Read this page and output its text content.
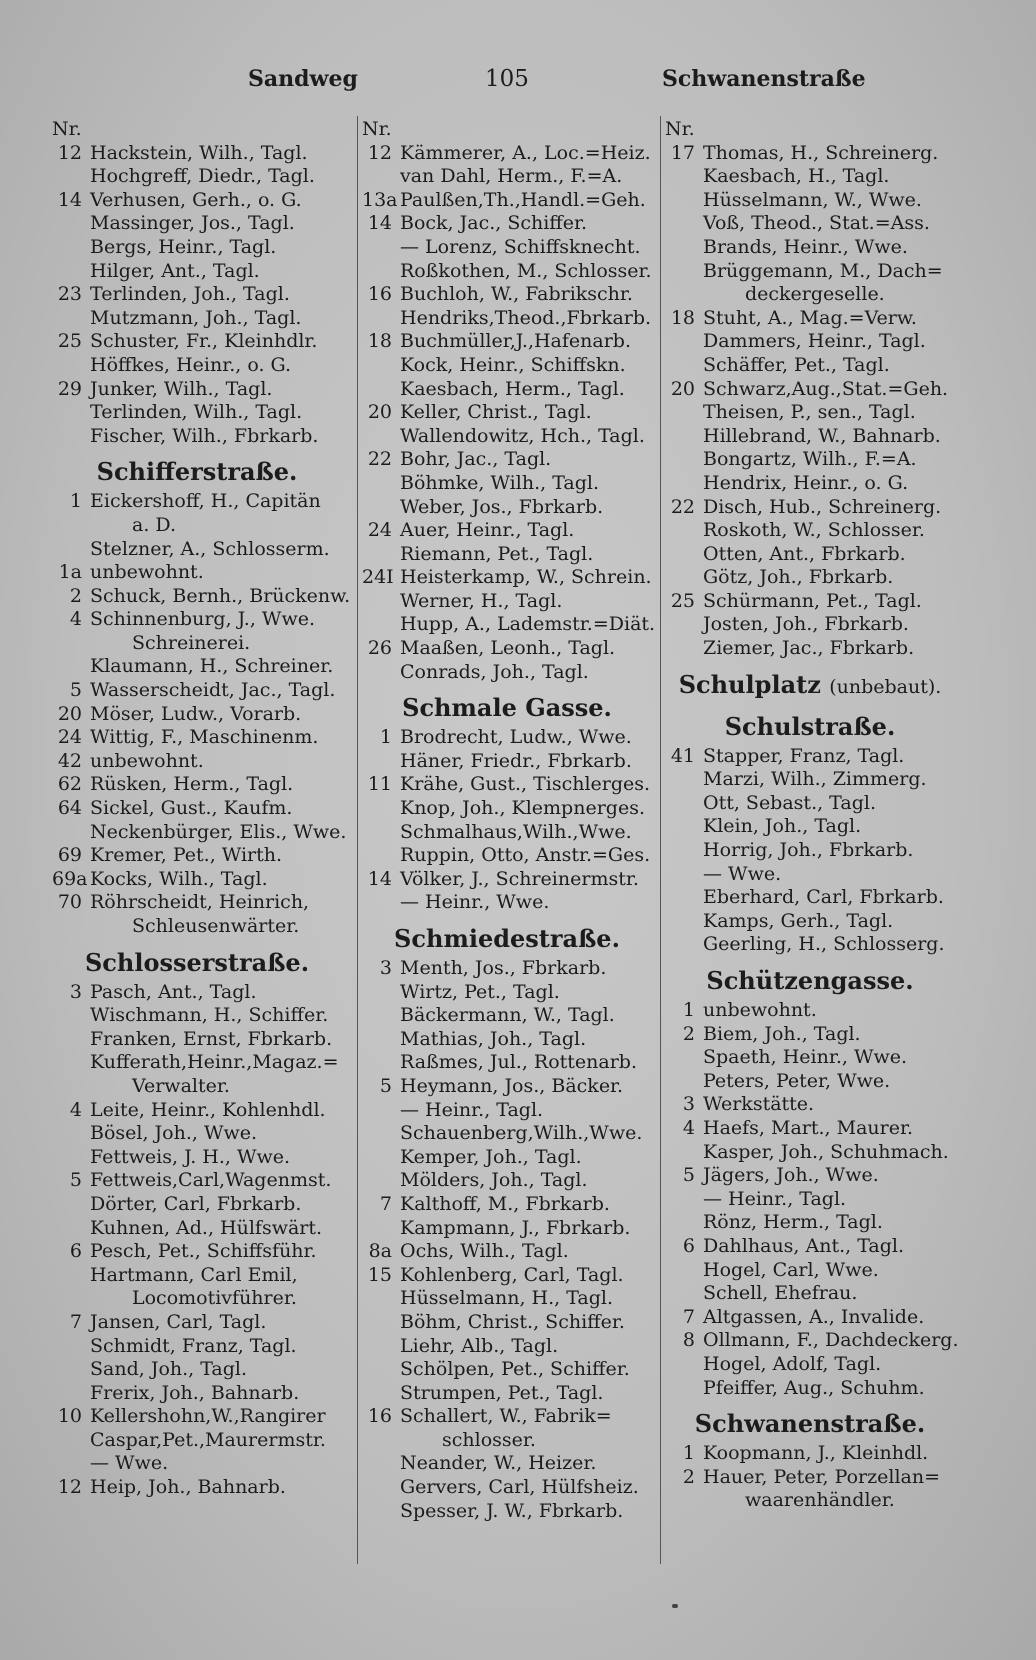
Sandweg	105	Schwanenstraße
Nr.
12 Hackstein, Wilh., Tagl.
Hochgreff, Diedr., Tagl.
14 Verhusen, Gerh., o. G.
Massinger, Jos., Tagl.
Bergs, Heinr., Tagl.
Hilger, Ant., Tagl.
23 Terlinden, Joh., Tagl.
Mutzmann, Joh., Tagl.
25 Schuster, Fr., Kleinhdlr.
Höffkes, Heinr., o. G.
29 Junker, Wilh., Tagl.
Terlinden, Wilh., Tagl.
Fischer, Wilh., Fbrkarb.
Schifferstraße.
1 Eickershoff, H., Capitän
a. D.
Stelzner, A., Schlosserm.
1a unbewohnt.
2 Schuck, Bernh., Brückenw.
4 Schinnenburg, J., Wwe.
Schreinerei.
Klaumann, H., Schreiner.
5 Wasserscheidt, Jac., Tagl.
20 Möser, Ludw., Vorarb.
24 Wittig, F., Maschinenm.
42 unbewohnt.
62 Rüsken, Herm., Tagl.
64 Sickel, Gust., Kaufm.
Neckenbürger, Elis., Wwe.
69 Kremer, Pet., Wirth.
69a Kocks, Wilh., Tagl.
70 Röhrscheidt, Heinrich,
Schleusenwärter.
Schlosserstraße.
3 Pasch, Ant., Tagl.
Wischmann, H., Schiffer.
Franken, Ernst, Fbrkarb.
Kufferath,Heinr.,Magaz.=
Verwalter.
4 Leite, Heinr., Kohlenhdl.
Bösel, Joh., Wwe.
Fettweis, J. H., Wwe.
5 Fettweis,Carl,Wagenmst.
Dörter, Carl, Fbrkarb.
Kuhnen, Ad., Hülfswärt.
6 Pesch, Pet., Schiffsführ.
Hartmann, Carl Emil,
Locomotivführer.
7 Jansen, Carl, Tagl.
Schmidt, Franz, Tagl.
Sand, Joh., Tagl.
Frerix, Joh., Bahnarb.
10 Kellershohn,W.,Rangirer
Caspar,Pet.,Maurermstr.
— Wwe.
12 Heip, Joh., Bahnarb.
Nr.
12 Kämmerer, A., Loc.=Heiz.
van Dahl, Herm., F.=A.
13a Paulßen,Th.,Handl.=Geh.
14 Bock, Jac., Schiffer.
— Lorenz, Schiffsknecht.
Roßkothen, M., Schlosser.
16 Buchloh, W., Fabrikschr.
Hendriks,Theod.,Fbrkarb.
18 Buchmüller,J.,Hafenarb.
Kock, Heinr., Schiffskn.
Kaesbach, Herm., Tagl.
20 Keller, Christ., Tagl.
Wallendowitz, Hch., Tagl.
22 Bohr, Jac., Tagl.
Böhmke, Wilh., Tagl.
Weber, Jos., Fbrkarb.
24 Auer, Heinr., Tagl.
Riemann, Pet., Tagl.
24I Heisterkamp, W., Schrein.
Werner, H., Tagl.
Hupp, A., Lademstr.=Diät.
26 Maaßen, Leonh., Tagl.
Conrads, Joh., Tagl.
Schmale Gasse.
1 Brodrecht, Ludw., Wwe.
Häner, Friedr., Fbrkarb.
11 Krähe, Gust., Tischlerges.
Knop, Joh., Klempnerges.
Schmalhaus,Wilh.,Wwe.
Ruppin, Otto, Anstr.=Ges.
14 Völker, J., Schreinermstr.
— Heinr., Wwe.
Schmiedestraße.
3 Menth, Jos., Fbrkarb.
Wirtz, Pet., Tagl.
Bäckermann, W., Tagl.
Mathias, Joh., Tagl.
Raßmes, Jul., Rottenarb.
5 Heymann, Jos., Bäcker.
— Heinr., Tagl.
Schauenberg,Wilh.,Wwe.
Kemper, Joh., Tagl.
Mölders, Joh., Tagl.
7 Kalthoff, M., Fbrkarb.
Kampmann, J., Fbrkarb.
8a Ochs, Wilh., Tagl.
15 Kohlenberg, Carl, Tagl.
Hüsselmann, H., Tagl.
Böhm, Christ., Schiffer.
Liehr, Alb., Tagl.
Schölpen, Pet., Schiffer.
Strumpen, Pet., Tagl.
16 Schallert, W., Fabrik=
schlosser.
Neander, W., Heizer.
Gervers, Carl, Hülfsheiz.
Spesser, J. W., Fbrkarb.
Nr.
17 Thomas, H., Schreinerg.
Kaesbach, H., Tagl.
Hüsselmann, W., Wwe.
Voß, Theod., Stat.=Ass.
Brands, Heinr., Wwe.
Brüggemann, M., Dach=
deckergeselle.
18 Stuht, A., Mag.=Verw.
Dammers, Heinr., Tagl.
Schäffer, Pet., Tagl.
20 Schwarz,Aug.,Stat.=Geh.
Theisen, P., sen., Tagl.
Hillebrand, W., Bahnarb.
Bongartz, Wilh., F.=A.
Hendrix, Heinr., o. G.
22 Disch, Hub., Schreinerg.
Roskoth, W., Schlosser.
Otten, Ant., Fbrkarb.
Götz, Joh., Fbrkarb.
25 Schürmann, Pet., Tagl.
Josten, Joh., Fbrkarb.
Ziemer, Jac., Fbrkarb.
Schulplatz (unbebaut).
Schulstraße.
41 Stapper, Franz, Tagl.
Marzi, Wilh., Zimmerg.
Ott, Sebast., Tagl.
Klein, Joh., Tagl.
Horrig, Joh., Fbrkarb.
— Wwe.
Eberhard, Carl, Fbrkarb.
Kamps, Gerh., Tagl.
Geerling, H., Schlosserg.
Schützengasse.
1 unbewohnt.
2 Biem, Joh., Tagl.
Spaeth, Heinr., Wwe.
Peters, Peter, Wwe.
3 Werkstätte.
4 Haefs, Mart., Maurer.
Kasper, Joh., Schuhmach.
5 Jägers, Joh., Wwe.
— Heinr., Tagl.
Rönz, Herm., Tagl.
6 Dahlhaus, Ant., Tagl.
Hogel, Carl, Wwe.
Schell, Ehefrau.
7 Altgassen, A., Invalide.
8 Ollmann, F., Dachdeckerg.
Hogel, Adolf, Tagl.
Pfeiffer, Aug., Schuhm.
Schwanenstraße.
1 Koopmann, J., Kleinhdl.
2 Hauer, Peter, Porzellan=
waarenhändler.
